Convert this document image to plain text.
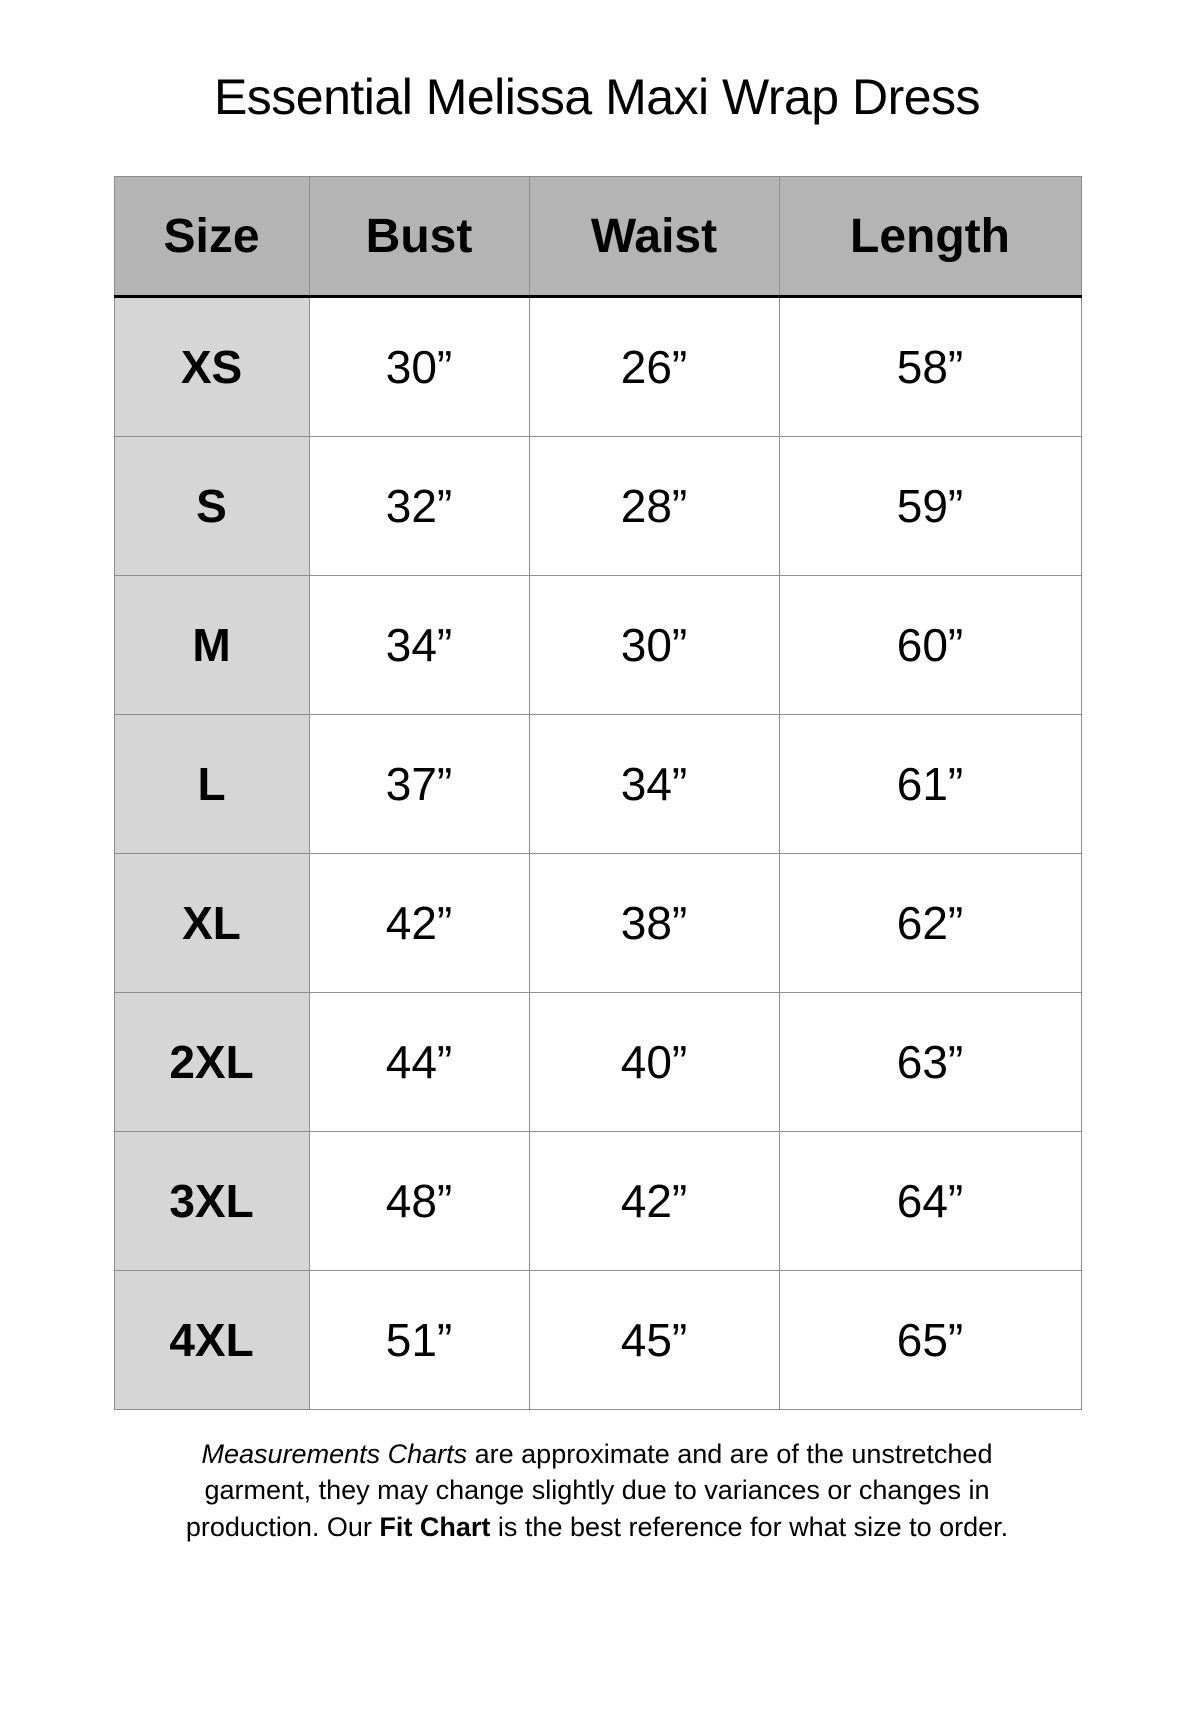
Essential Melissa Maxi Wrap Dress
Size	Bust	Waist	Length
XS	30”	26”	58”
S	32”	28”	59”
M	34”	30”	60”
L	37”	34”	61”
XL	42”	38”	62”
2XL	44”	40”	63”
3XL	48”	42”	64”
4XL	51”	45”	65”

Measurements Charts are approximate and are of the unstretched garment, they may change slightly due to variances or changes in production. Our Fit Chart is the best reference for what size to order.
